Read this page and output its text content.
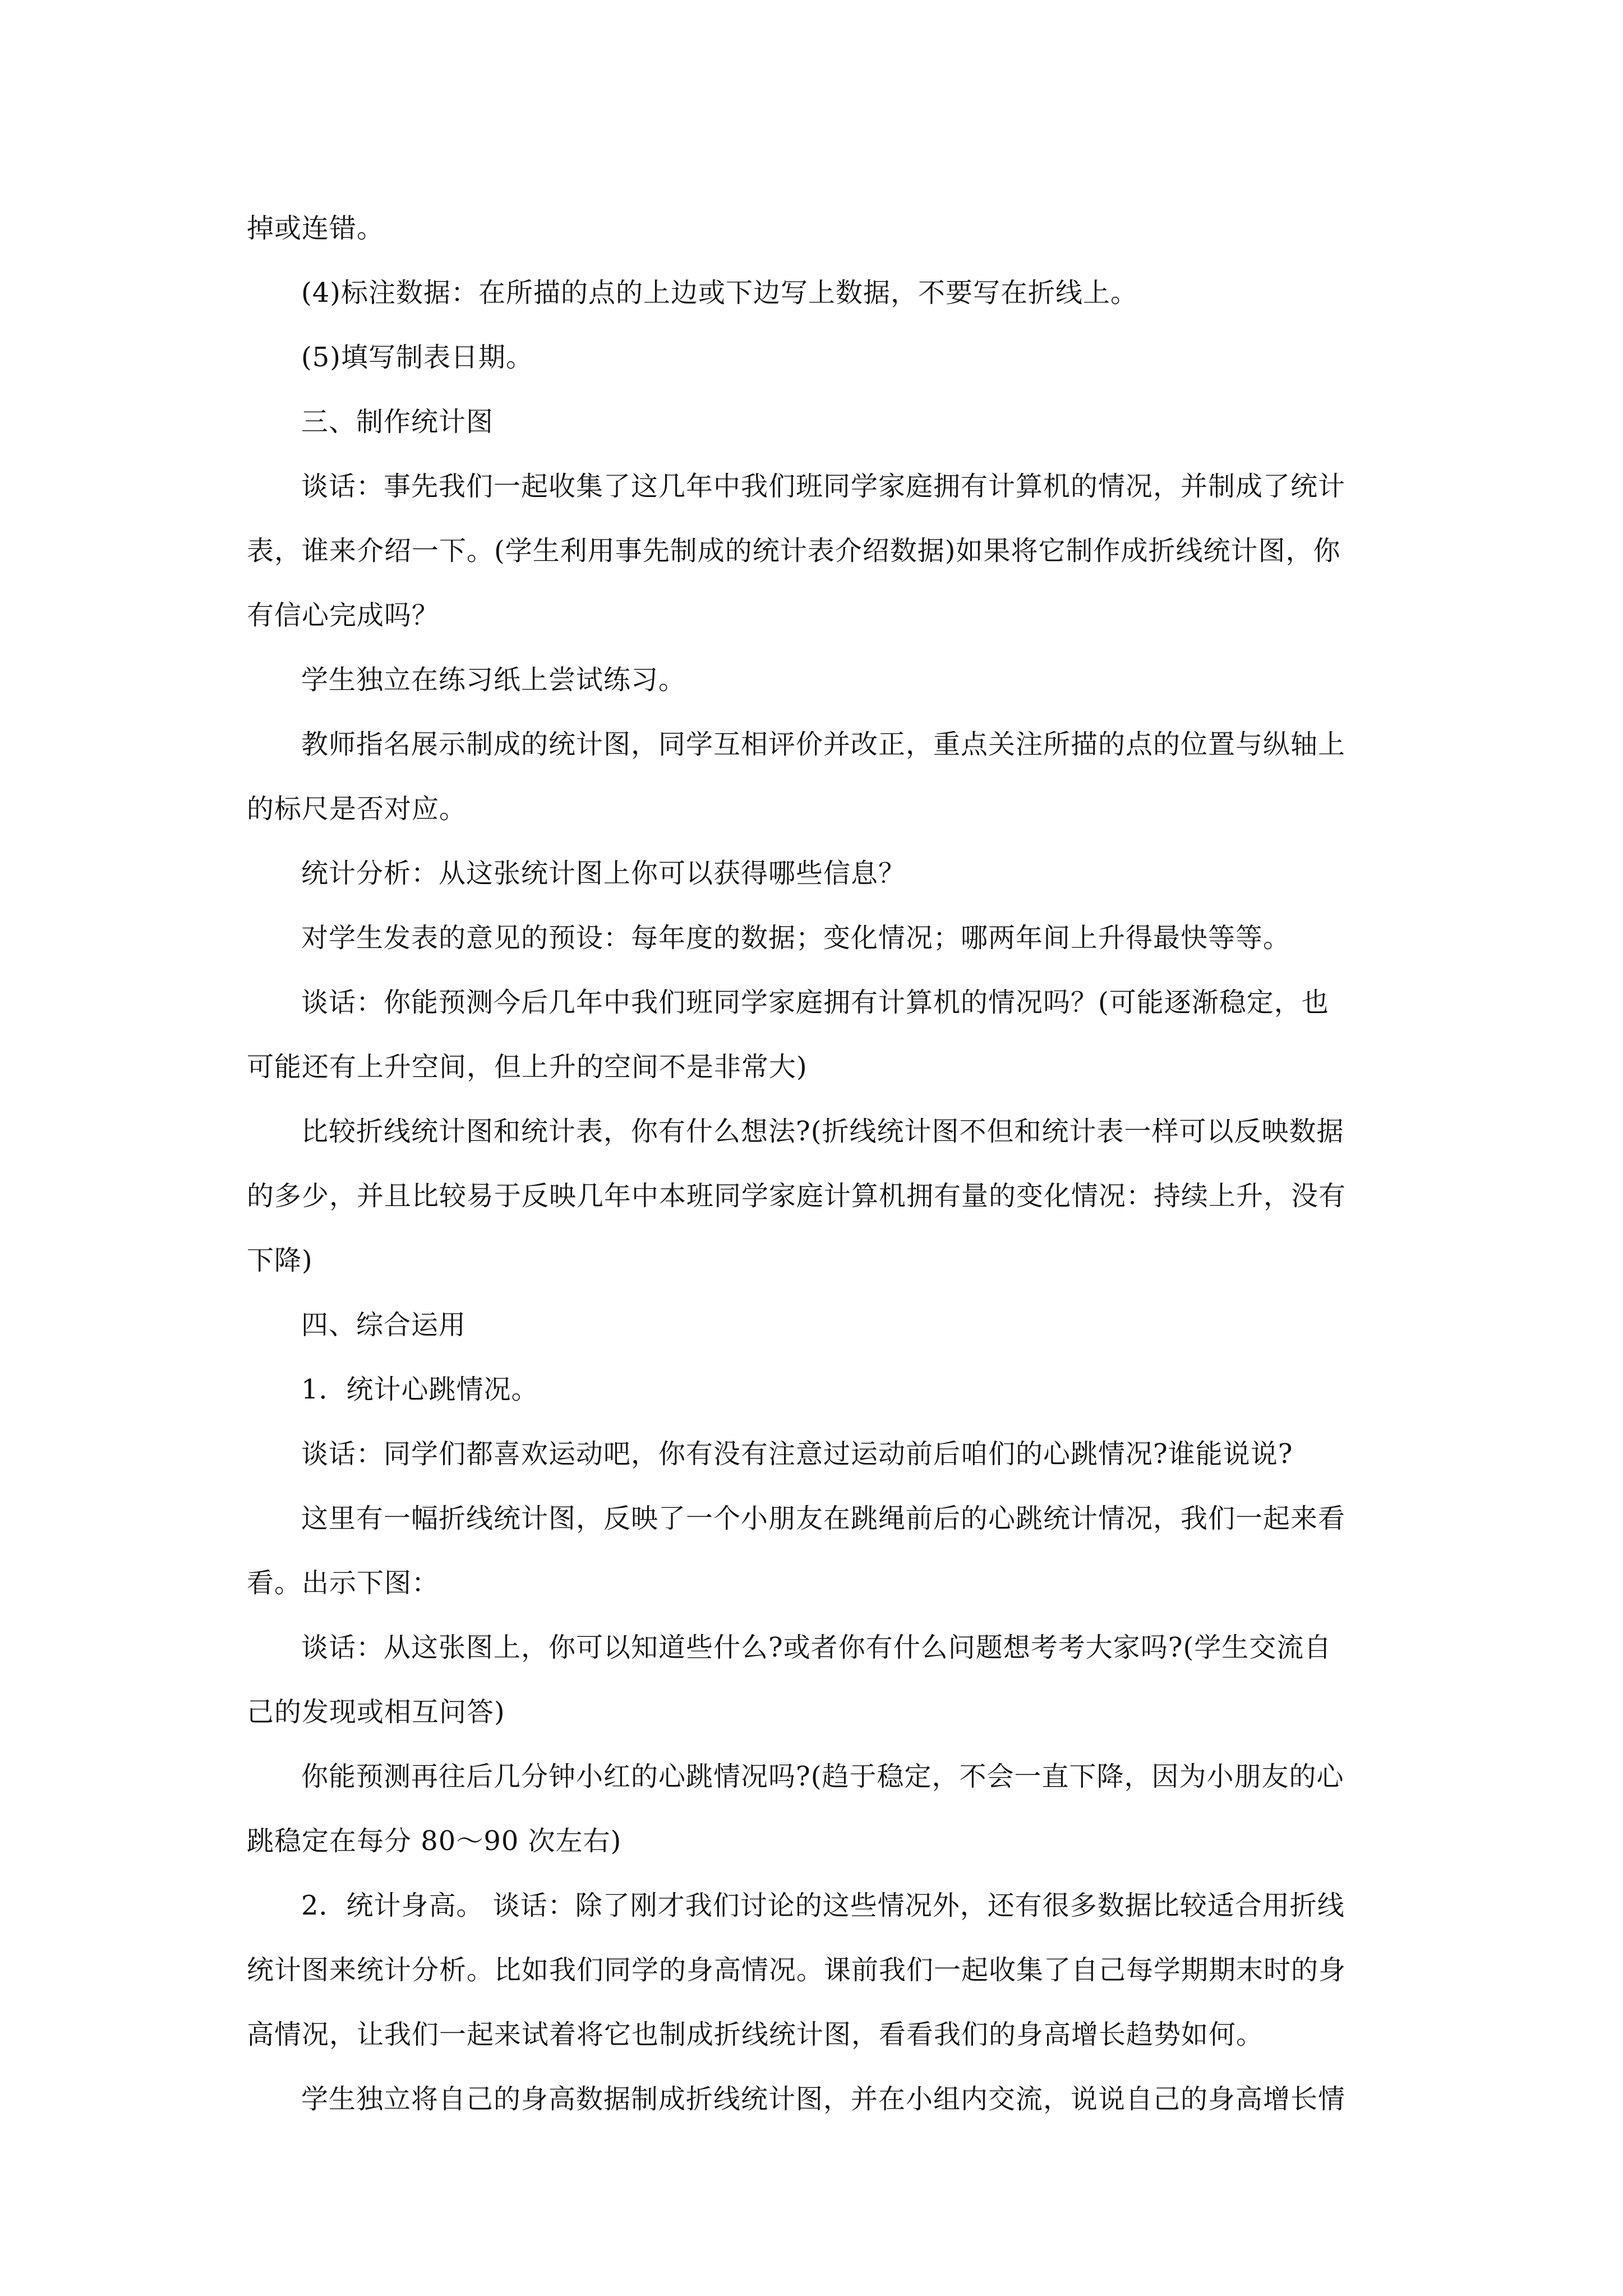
掉或连错。
(4)标注数据：在所描的点的上边或下边写上数据，不要写在折线上。
(5)填写制表日期。
三、制作统计图
谈话：事先我们一起收集了这几年中我们班同学家庭拥有计算机的情况，并制成了统计
表，谁来介绍一下。(学生利用事先制成的统计表介绍数据)如果将它制作成折线统计图，你
有信心完成吗？
学生独立在练习纸上尝试练习。
教师指名展示制成的统计图，同学互相评价并改正，重点关注所描的点的位置与纵轴上
的标尺是否对应。
统计分析：从这张统计图上你可以获得哪些信息？
对学生发表的意见的预设：每年度的数据；变化情况；哪两年间上升得最快等等。
谈话：你能预测今后几年中我们班同学家庭拥有计算机的情况吗？(可能逐渐稳定，也
可能还有上升空间，但上升的空间不是非常大)
比较折线统计图和统计表，你有什么想法?(折线统计图不但和统计表一样可以反映数据
的多少，并且比较易于反映几年中本班同学家庭计算机拥有量的变化情况：持续上升，没有
下降)
四、综合运用
1．统计心跳情况。
谈话：同学们都喜欢运动吧，你有没有注意过运动前后咱们的心跳情况?谁能说说?
这里有一幅折线统计图，反映了一个小朋友在跳绳前后的心跳统计情况，我们一起来看
看。出示下图：
谈话：从这张图上，你可以知道些什么?或者你有什么问题想考考大家吗?(学生交流自
己的发现或相互问答)
你能预测再往后几分钟小红的心跳情况吗?(趋于稳定，不会一直下降，因为小朋友的心
跳稳定在每分 80～90 次左右)
2．统计身高。 谈话：除了刚才我们讨论的这些情况外，还有很多数据比较适合用折线
统计图来统计分析。比如我们同学的身高情况。课前我们一起收集了自己每学期期末时的身
高情况，让我们一起来试着将它也制成折线统计图，看看我们的身高增长趋势如何。
学生独立将自己的身高数据制成折线统计图，并在小组内交流，说说自己的身高增长情
